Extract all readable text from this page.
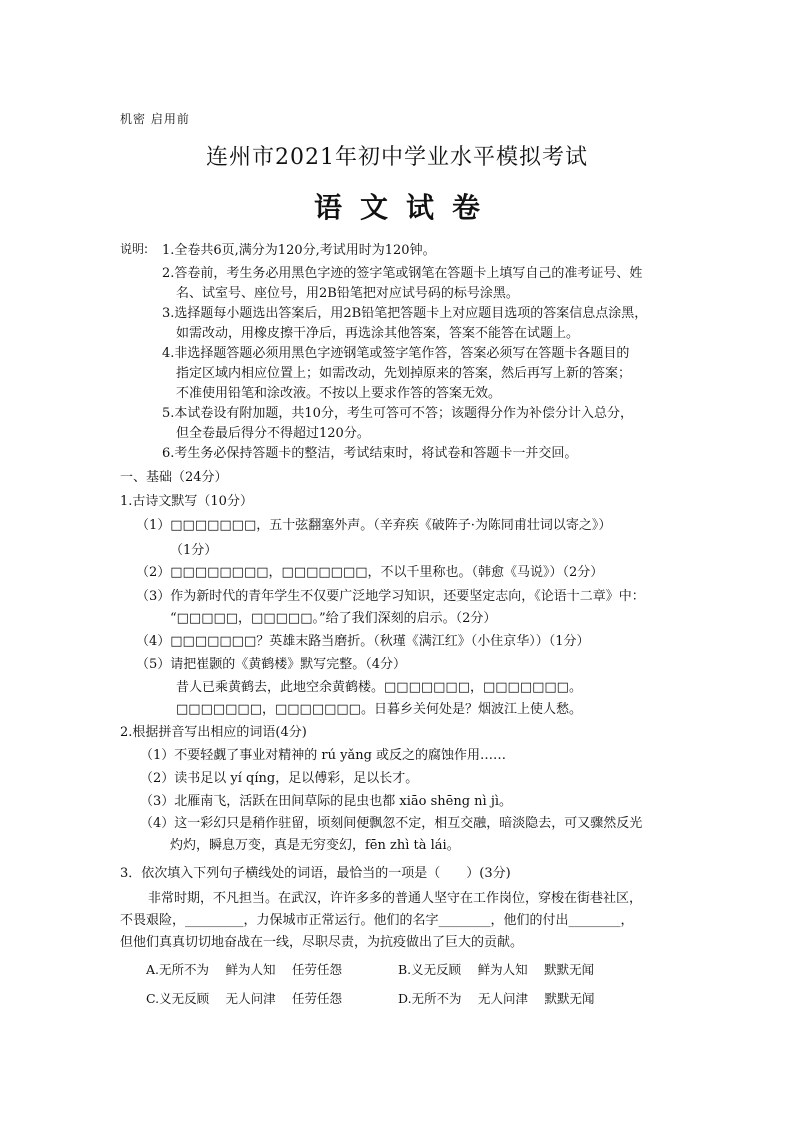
机密 启用前
连州市2021年初中学业水平模拟考试
语文试卷
说明: 1.全卷共6页,满分为120分,考试用时为120钟。
2.答卷前，考生务必用黑色字迹的签字笔或钢笔在答题卡上填写自己的准考证号、姓
名、试室号、座位号，用2B铅笔把对应试号码的标号涂黑。
3.选择题每小题选出答案后，用2B铅笔把答题卡上对应题目选项的答案信息点涂黑，
如需改动，用橡皮擦干净后，再选涂其他答案，答案不能答在试题上。
4.非选择题答题必须用黑色字迹钢笔或签字笔作答，答案必须写在答题卡各题目的
指定区域内相应位置上；如需改动，先划掉原来的答案，然后再写上新的答案；
不准使用铅笔和涂改液。不按以上要求作答的答案无效。
5.本试卷设有附加题，共10分，考生可答可不答；该题得分作为补偿分计入总分，
但全卷最后得分不得超过120分。
6.考生务必保持答题卡的整洁，考试结束时，将试卷和答题卡一并交回。
一、基础（24分）
1.古诗文默写（10分）
（1）□□□□□□□，五十弦翻塞外声。（辛弃疾《破阵子·为陈同甫壮词以寄之》）
（1分）
（2）□□□□□□□□，□□□□□□□，不以千里称也。（韩愈《马说》）（2分）
（3）作为新时代的青年学生不仅要广泛地学习知识，还要坚定志向，《论语十二章》中：
“□□□□□，□□□□□。”给了我们深刻的启示。（2分）
（4）□□□□□□□？英雄末路当磨折。（秋瑾《满江红》（小住京华））（1分）
（5）请把崔颢的《黄鹤楼》默写完整。（4分）
昔人已乘黄鹤去，此地空余黄鹤楼。□□□□□□□，□□□□□□□。
□□□□□□□，□□□□□□□。日暮乡关何处是？烟波江上使人愁。
2.根据拼音写出相应的词语(4分)
（1）不要轻觑了事业对精神的 rú yǎng 或反之的腐蚀作用……
（2）读书足以 yí qíng，足以傅彩，足以长才。
（3）北雁南飞，活跃在田间草际的昆虫也都 xiāo shēng nì jì。
（4）这一彩幻只是稍作驻留，顷刻间便飘忽不定，相互交融，暗淡隐去，可又骤然反光
灼灼，瞬息万变，真是无穷变幻，fēn zhì tà lái。
3．依次填入下列句子横线处的词语，最恰当的一项是（　　）(3分)
非常时期，不凡担当。在武汉，许许多多的普通人坚守在工作岗位，穿梭在街巷社区，
不畏艰险，_________，力保城市正常运行。他们的名字________，他们的付出________，
但他们真真切切地奋战在一线，尽职尽责，为抗疫做出了巨大的贡献。
A.无所不为　 鲜为人知　 任劳任怨	B.义无反顾　 鲜为人知　 默默无闻
C.义无反顾　 无人问津　 任劳任怨	D.无所不为　 无人问津　 默默无闻
